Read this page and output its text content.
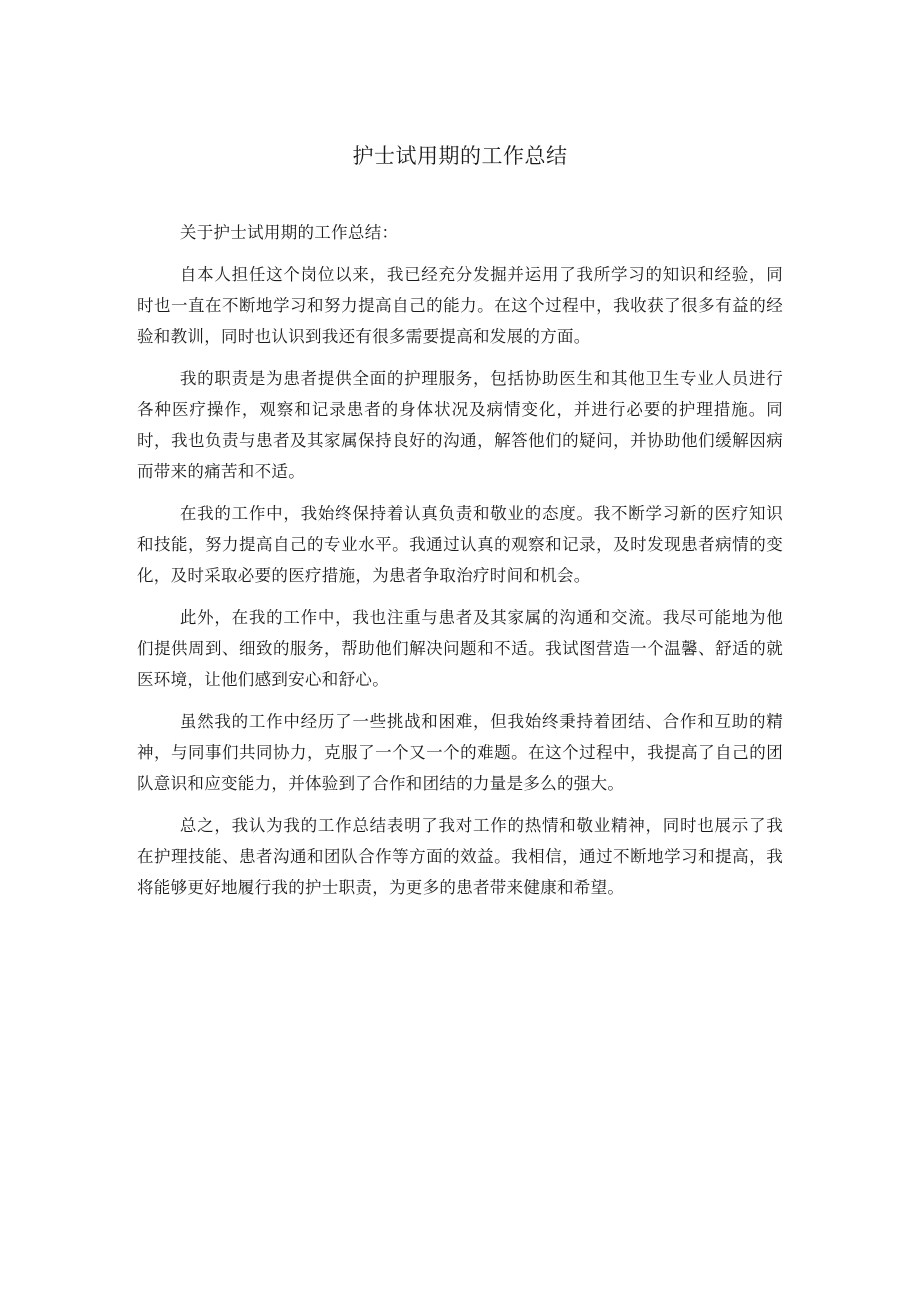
护士试用期的工作总结

关于护士试用期的工作总结：

自本人担任这个岗位以来，我已经充分发掘并运用了我所学习的知识和经验，同时也一直在不断地学习和努力提高自己的能力。在这个过程中，我收获了很多有益的经验和教训，同时也认识到我还有很多需要提高和发展的方面。

我的职责是为患者提供全面的护理服务，包括协助医生和其他卫生专业人员进行各种医疗操作，观察和记录患者的身体状况及病情变化，并进行必要的护理措施。同时，我也负责与患者及其家属保持良好的沟通，解答他们的疑问，并协助他们缓解因病而带来的痛苦和不适。

在我的工作中，我始终保持着认真负责和敬业的态度。我不断学习新的医疗知识和技能，努力提高自己的专业水平。我通过认真的观察和记录，及时发现患者病情的变化，及时采取必要的医疗措施，为患者争取治疗时间和机会。

此外，在我的工作中，我也注重与患者及其家属的沟通和交流。我尽可能地为他们提供周到、细致的服务，帮助他们解决问题和不适。我试图营造一个温馨、舒适的就医环境，让他们感到安心和舒心。

虽然我的工作中经历了一些挑战和困难，但我始终秉持着团结、合作和互助的精神，与同事们共同协力，克服了一个又一个的难题。在这个过程中，我提高了自己的团队意识和应变能力，并体验到了合作和团结的力量是多么的强大。

总之，我认为我的工作总结表明了我对工作的热情和敬业精神，同时也展示了我在护理技能、患者沟通和团队合作等方面的效益。我相信，通过不断地学习和提高，我将能够更好地履行我的护士职责，为更多的患者带来健康和希望。
